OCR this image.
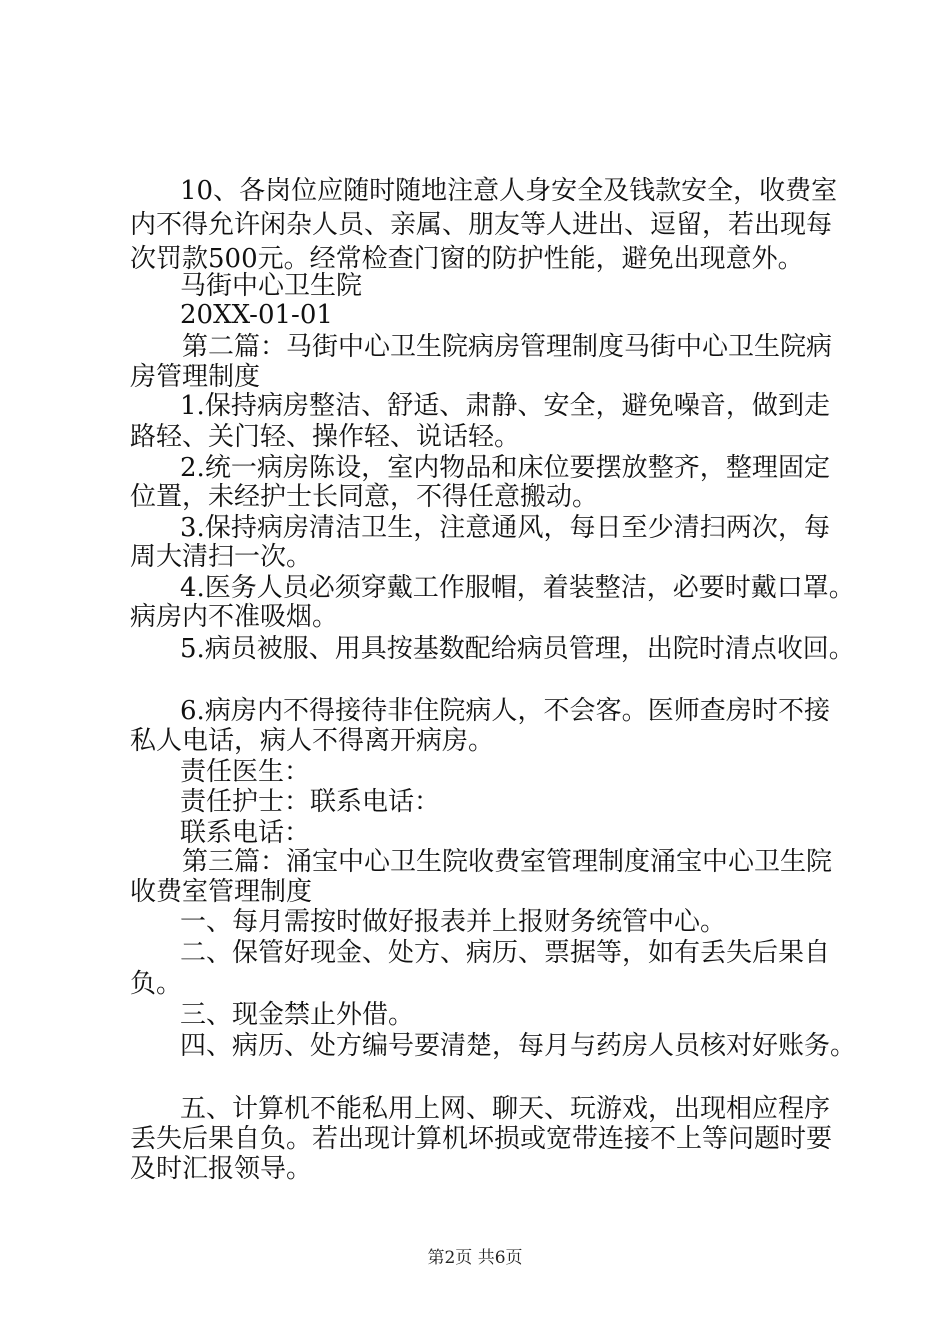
10、各岗位应随时随地注意人身安全及钱款安全，收费室
内不得允许闲杂人员、亲属、朋友等人进出、逗留，若出现每
次罚款500元。经常检查门窗的防护性能，避免出现意外。
马街中心卫生院
20XX-01-01
第二篇：马街中心卫生院病房管理制度马街中心卫生院病
房管理制度
1.保持病房整洁、舒适、肃静、安全，避免噪音，做到走
路轻、关门轻、操作轻、说话轻。
2.统一病房陈设，室内物品和床位要摆放整齐，整理固定
位置，未经护士长同意，不得任意搬动。
3.保持病房清洁卫生，注意通风，每日至少清扫两次，每
周大清扫一次。
4.医务人员必须穿戴工作服帽，着装整洁，必要时戴口罩。
病房内不准吸烟。
5.病员被服、用具按基数配给病员管理，出院时清点收回。
6.病房内不得接待非住院病人，不会客。医师查房时不接
私人电话，病人不得离开病房。
责任医生：
责任护士：联系电话：
联系电话：
第三篇：涌宝中心卫生院收费室管理制度涌宝中心卫生院
收费室管理制度
一、每月需按时做好报表并上报财务统管中心。
二、保管好现金、处方、病历、票据等，如有丢失后果自
负。
三、现金禁止外借。
四、病历、处方编号要清楚，每月与药房人员核对好账务。
五、计算机不能私用上网、聊天、玩游戏，出现相应程序
丢失后果自负。若出现计算机坏损或宽带连接不上等问题时要
及时汇报领导。
第2页 共6页
